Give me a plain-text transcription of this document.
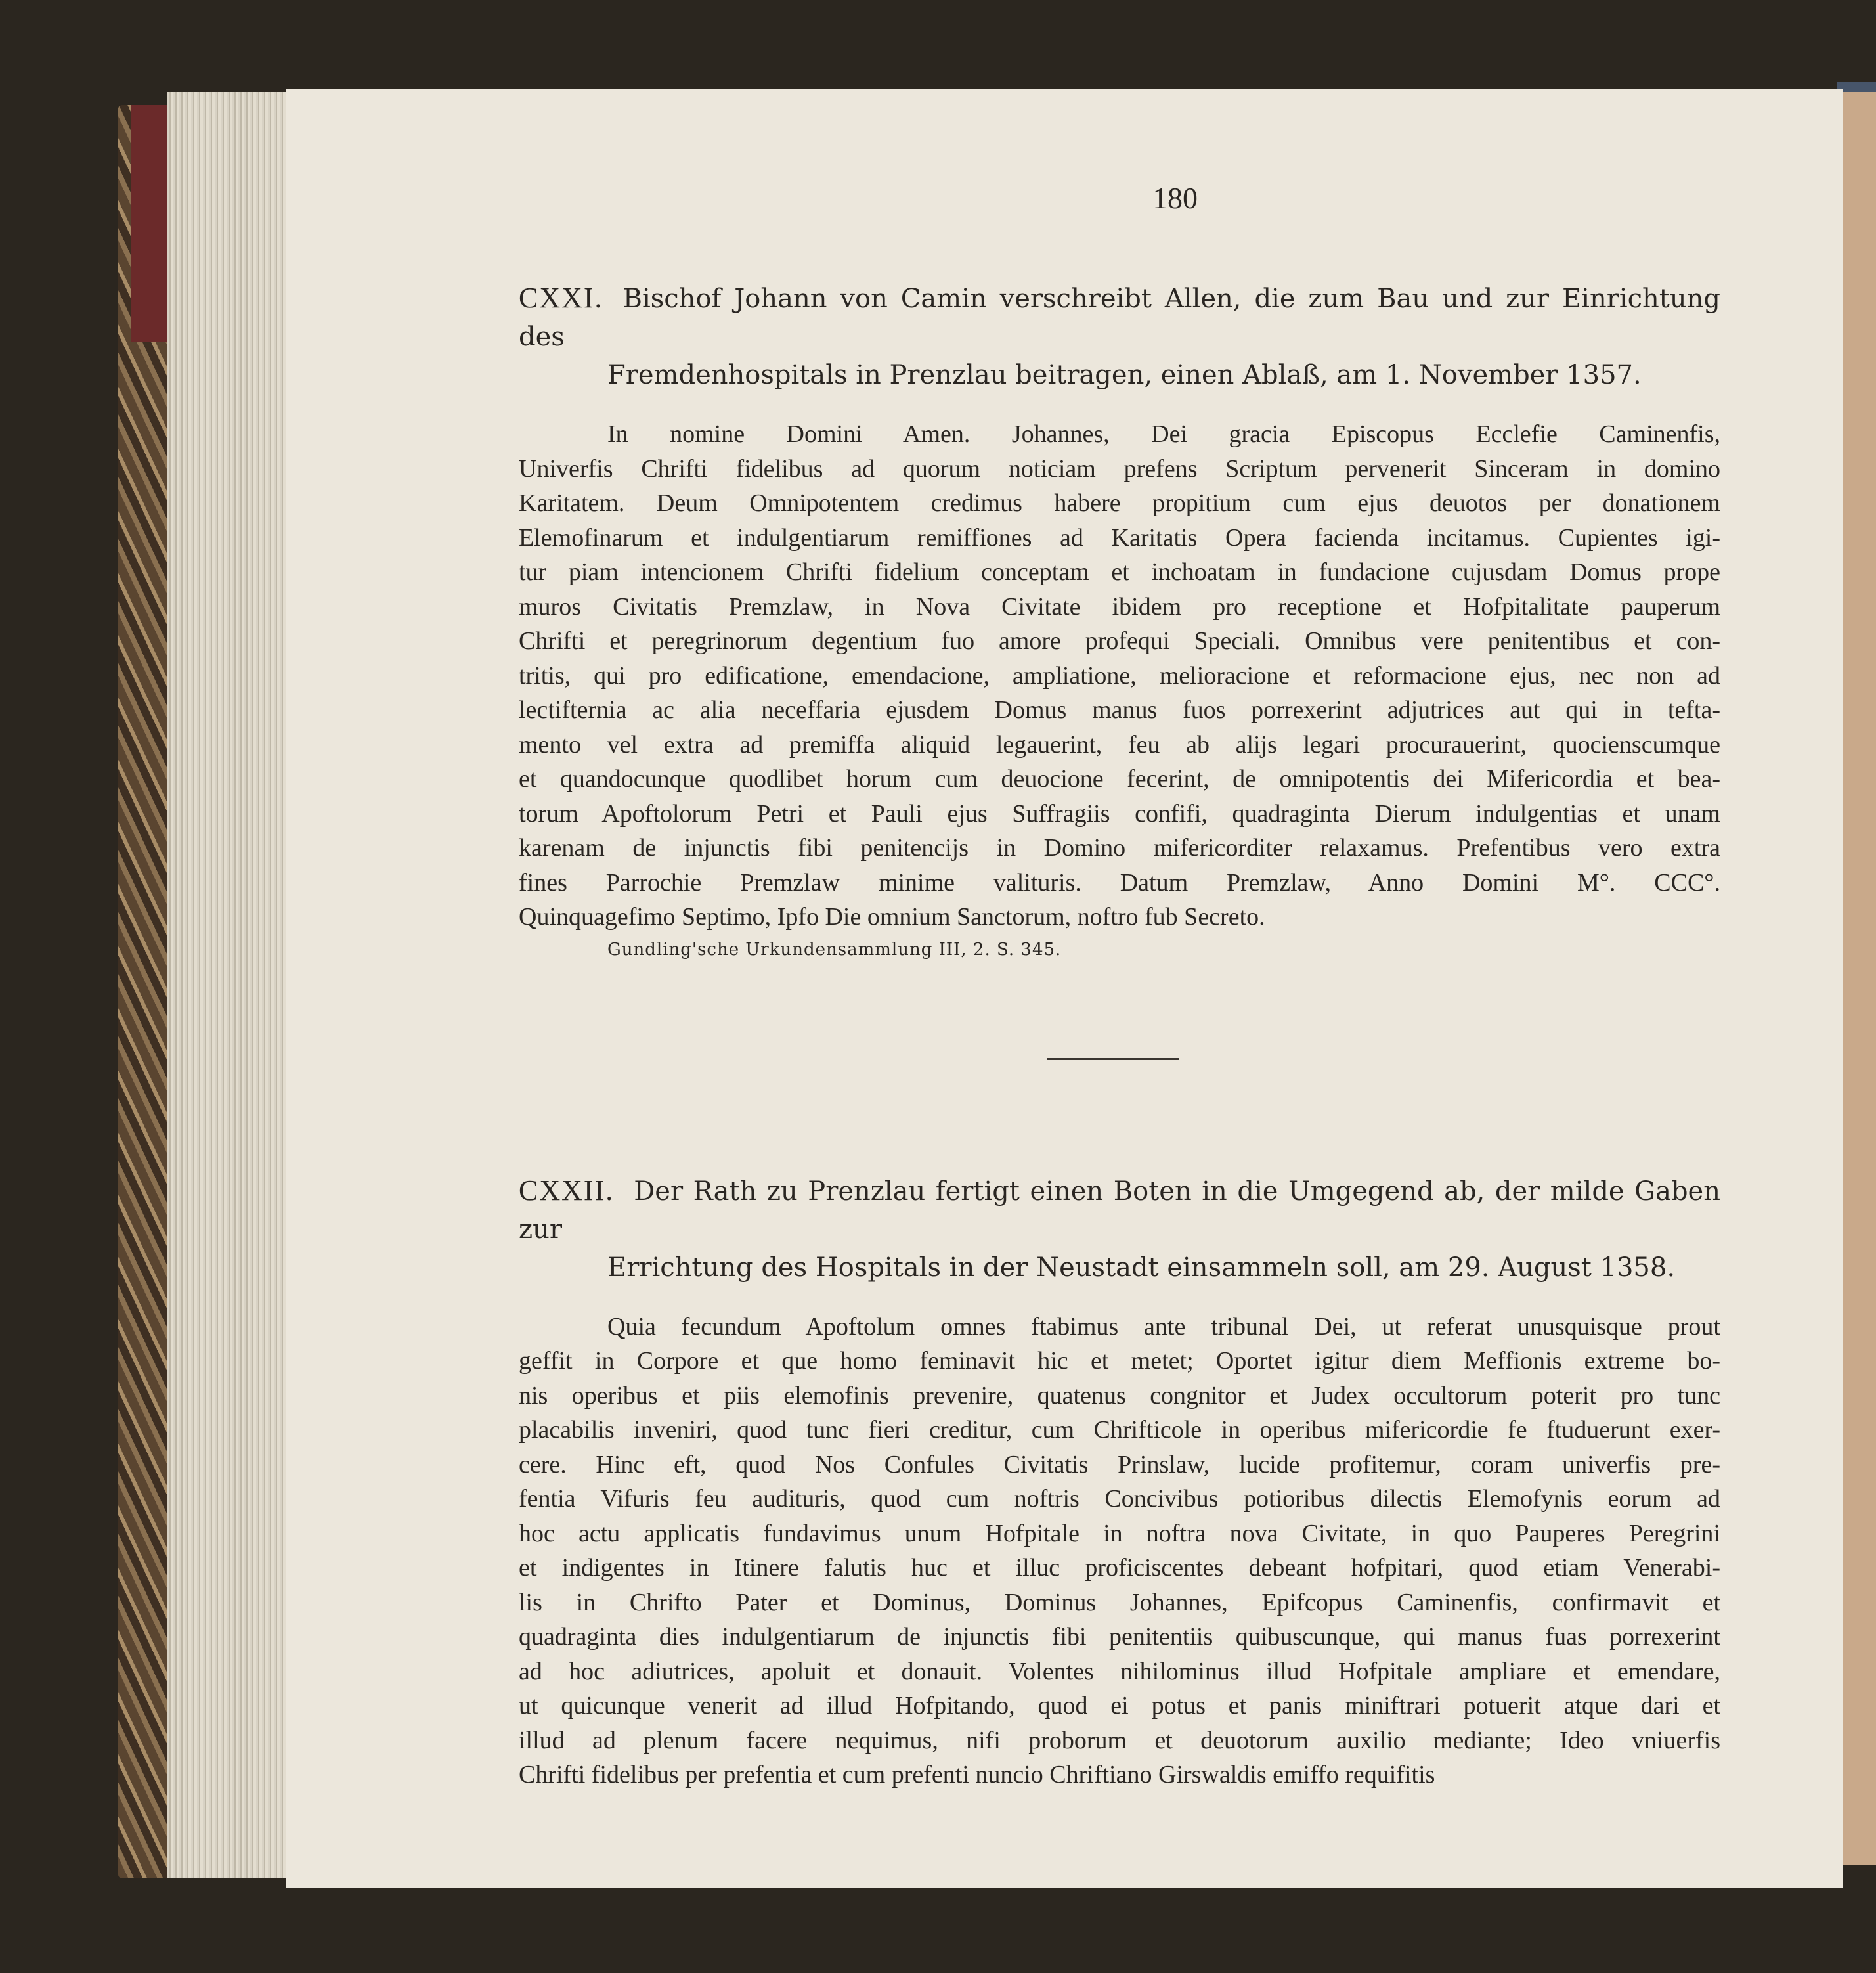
180
CXXI. Bischof Johann von Camin verschreibt Allen, die zum Bau und zur Einrichtung des
Fremdenhospitals in Prenzlau beitragen, einen Ablaß, am 1. November 1357.
In nomine Domini Amen. Johannes, Dei gracia Episcopus Ecclefie Caminenfis,
Univerfis Chrifti fidelibus ad quorum noticiam prefens Scriptum pervenerit Sinceram in domino
Karitatem. Deum Omnipotentem credimus habere propitium cum ejus deuotos per donationem
Elemofinarum et indulgentiarum remiffiones ad Karitatis Opera facienda incitamus. Cupientes igi-
tur piam intencionem Chrifti fidelium conceptam et inchoatam in fundacione cujusdam Domus prope
muros Civitatis Premzlaw, in Nova Civitate ibidem pro receptione et Hofpitalitate pauperum
Chrifti et peregrinorum degentium fuo amore profequi Speciali. Omnibus vere penitentibus et con-
tritis, qui pro edificatione, emendacione, ampliatione, melioracione et reformacione ejus, nec non ad
lectifternia ac alia neceffaria ejusdem Domus manus fuos porrexerint adjutrices aut qui in tefta-
mento vel extra ad premiffa aliquid legauerint, feu ab alijs legari procurauerint, quocienscumque
et quandocunque quodlibet horum cum deuocione fecerint, de omnipotentis dei Mifericordia et bea-
torum Apoftolorum Petri et Pauli ejus Suffragiis confifi, quadraginta Dierum indulgentias et unam
karenam de injunctis fibi penitencijs in Domino mifericorditer relaxamus. Prefentibus vero extra
fines Parrochie Premzlaw minime valituris. Datum Premzlaw, Anno Domini M°. CCC°.
Quinquagefimo Septimo, Ipfo Die omnium Sanctorum, noftro fub Secreto.
Gundling'sche Urkundensammlung III, 2. S. 345.
CXXII. Der Rath zu Prenzlau fertigt einen Boten in die Umgegend ab, der milde Gaben zur
Errichtung des Hospitals in der Neustadt einsammeln soll, am 29. August 1358.
Quia fecundum Apoftolum omnes ftabimus ante tribunal Dei, ut referat unusquisque prout
geffit in Corpore et que homo feminavit hic et metet; Oportet igitur diem Meffionis extreme bo-
nis operibus et piis elemofinis prevenire, quatenus congnitor et Judex occultorum poterit pro tunc
placabilis inveniri, quod tunc fieri creditur, cum Chrifticole in operibus mifericordie fe ftuduerunt exer-
cere. Hinc eft, quod Nos Confules Civitatis Prinslaw, lucide profitemur, coram univerfis pre-
fentia Vifuris feu audituris, quod cum noftris Concivibus potioribus dilectis Elemofynis eorum ad
hoc actu applicatis fundavimus unum Hofpitale in noftra nova Civitate, in quo Pauperes Peregrini
et indigentes in Itinere falutis huc et illuc proficiscentes debeant hofpitari, quod etiam Venerabi-
lis in Chrifto Pater et Dominus, Dominus Johannes, Epifcopus Caminenfis, confirmavit et
quadraginta dies indulgentiarum de injunctis fibi penitentiis quibuscunque, qui manus fuas porrexerint
ad hoc adiutrices, apoluit et donauit. Volentes nihilominus illud Hofpitale ampliare et emendare,
ut quicunque venerit ad illud Hofpitando, quod ei potus et panis miniftrari potuerit atque dari et
illud ad plenum facere nequimus, nifi proborum et deuotorum auxilio mediante; Ideo vniuerfis
Chrifti fidelibus per prefentia et cum prefenti nuncio Chriftiano Girswaldis emiffo requifitis
